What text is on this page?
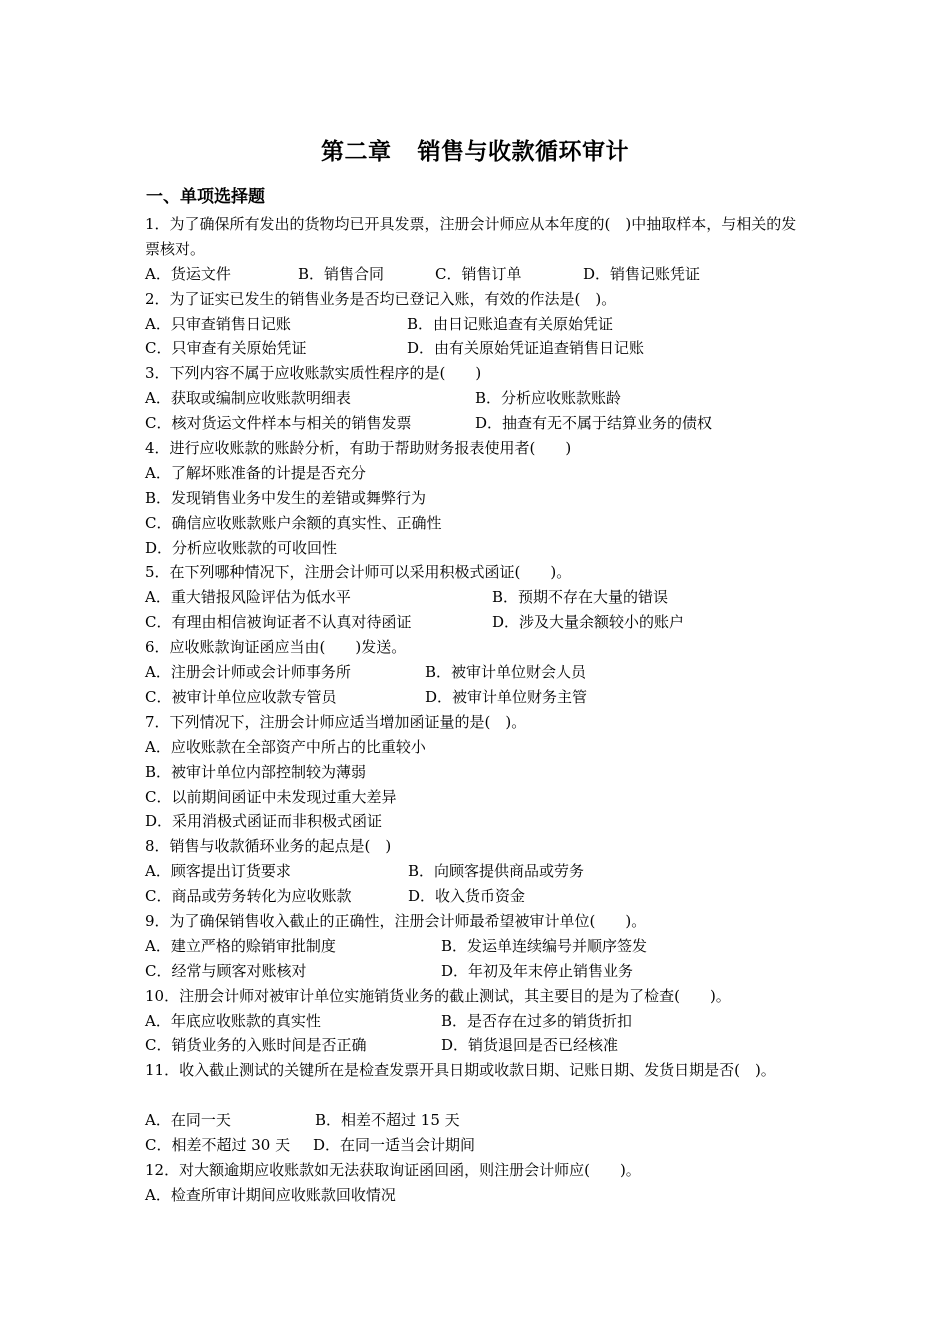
第二章 销售与收款循环审计
一、单项选择题
1．为了确保所有发出的货物均已开具发票，注册会计师应从本年度的(　)中抽取样本，与相关的发票核对。
A．货运文件	B．销售合同	C．销售订单	D．销售记账凭证
2．为了证实已发生的销售业务是否均已登记入账，有效的作法是(　)。
A．只审查销售日记账	B．由日记账追查有关原始凭证
C．只审查有关原始凭证	D．由有关原始凭证追查销售日记账
3．下列内容不属于应收账款实质性程序的是(　　)
A．获取或编制应收账款明细表	B．分析应收账款账龄
C．核对货运文件样本与相关的销售发票	D．抽查有无不属于结算业务的债权
4．进行应收账款的账龄分析，有助于帮助财务报表使用者(　　)
A．了解坏账准备的计提是否充分
B．发现销售业务中发生的差错或舞弊行为
C．确信应收账款账户余额的真实性、正确性
D．分析应收账款的可收回性
5．在下列哪种情况下，注册会计师可以采用积极式函证(　　)。
A．重大错报风险评估为低水平	B．预期不存在大量的错误
C．有理由相信被询证者不认真对待函证	D．涉及大量余额较小的账户
6．应收账款询证函应当由(　　)发送。
A．注册会计师或会计师事务所	B．被审计单位财会人员
C．被审计单位应收款专管员	D．被审计单位财务主管
7．下列情况下，注册会计师应适当增加函证量的是(　)。
A．应收账款在全部资产中所占的比重较小
B．被审计单位内部控制较为薄弱
C．以前期间函证中未发现过重大差异
D．采用消极式函证而非积极式函证
8．销售与收款循环业务的起点是(　)
A．顾客提出订货要求	B．向顾客提供商品或劳务
C．商品或劳务转化为应收账款	D．收入货币资金
9．为了确保销售收入截止的正确性，注册会计师最希望被审计单位(　　)。
A．建立严格的赊销审批制度	B．发运单连续编号并顺序签发
C．经常与顾客对账核对	D．年初及年末停止销售业务
10．注册会计师对被审计单位实施销货业务的截止测试，其主要目的是为了检查(　　)。
A．年底应收账款的真实性	B．是否存在过多的销货折扣
C．销货业务的入账时间是否正确	D．销货退回是否已经核准
11．收入截止测试的关键所在是检查发票开具日期或收款日期、记账日期、发货日期是否(　)。
A．在同一天	B．相差不超过 15 天
C．相差不超过 30 天	D．在同一适当会计期间
12．对大额逾期应收账款如无法获取询证函回函，则注册会计师应(　　)。
A．检查所审计期间应收账款回收情况
